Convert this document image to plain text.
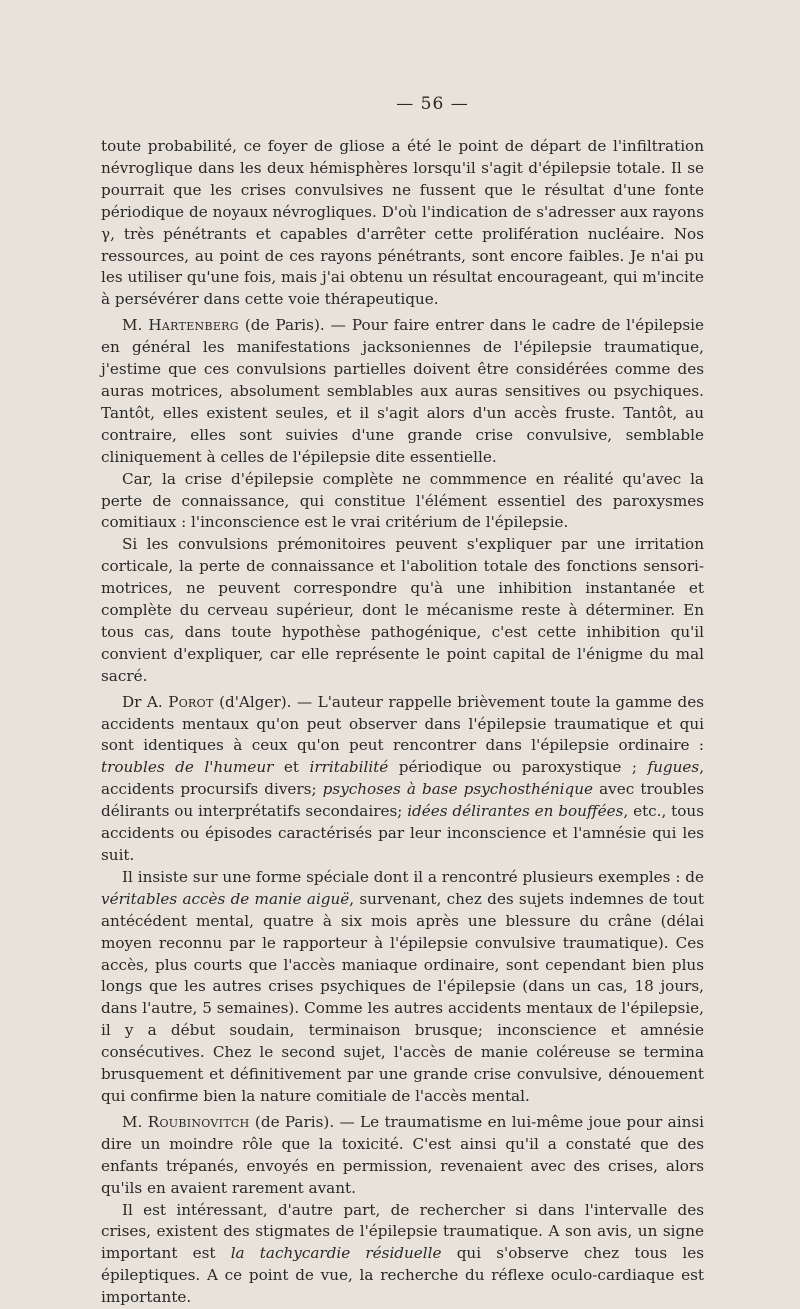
— 56 —

toute probabilité, ce foyer de gliose a été le point de départ de l'infiltration névroglique dans les deux hémisphères lorsqu'il s'agit d'épilepsie totale. Il se pourrait que les crises convulsives ne fussent que le résultat d'une fonte périodique de noyaux névrogliques. D'où l'indication de s'adresser aux rayons γ, très pénétrants et capables d'arrêter cette prolifération nucléaire. Nos ressources, au point de ces rayons pénétrants, sont encore faibles. Je n'ai pu les utiliser qu'une fois, mais j'ai obtenu un résultat encourageant, qui m'incite à persévérer dans cette voie thérapeutique.

M. Hartenberg (de Paris). — Pour faire entrer dans le cadre de l'épilepsie en général les manifestations jacksoniennes de l'épilepsie traumatique, j'estime que ces convulsions partielles doivent être considérées comme des auras motrices, absolument semblables aux auras sensitives ou psychiques. Tantôt, elles existent seules, et il s'agit alors d'un accès fruste. Tantôt, au contraire, elles sont suivies d'une grande crise convulsive, semblable cliniquement à celles de l'épilepsie dite essentielle.

Car, la crise d'épilepsie complète ne commmence en réalité qu'avec la perte de connaissance, qui constitue l'élément essentiel des paroxysmes comitiaux : l'inconscience est le vrai critérium de l'épilepsie.

Si les convulsions prémonitoires peuvent s'expliquer par une irritation corticale, la perte de connaissance et l'abolition totale des fonctions sensori-motrices, ne peuvent correspondre qu'à une inhibition instantanée et complète du cerveau supérieur, dont le mécanisme reste à déterminer. En tous cas, dans toute hypothèse pathogénique, c'est cette inhibition qu'il convient d'expliquer, car elle représente le point capital de l'énigme du mal sacré.

Dr A. Porot (d'Alger). — L'auteur rappelle brièvement toute la gamme des accidents mentaux qu'on peut observer dans l'épilepsie traumatique et qui sont identiques à ceux qu'on peut rencontrer dans l'épilepsie ordinaire : troubles de l'humeur et irritabilité périodique ou paroxystique ; fugues, accidents procursifs divers; psychoses à base psychosthénique avec troubles délirants ou interprétatifs secondaires; idées délirantes en bouffées, etc., tous accidents ou épisodes caractérisés par leur inconscience et l'amnésie qui les suit.

Il insiste sur une forme spéciale dont il a rencontré plusieurs exemples : de véritables accès de manie aiguë, survenant, chez des sujets indemnes de tout antécédent mental, quatre à six mois après une blessure du crâne (délai moyen reconnu par le rapporteur à l'épilepsie convulsive traumatique). Ces accès, plus courts que l'accès maniaque ordinaire, sont cependant bien plus longs que les autres crises psychiques de l'épilepsie (dans un cas, 18 jours, dans l'autre, 5 semaines). Comme les autres accidents mentaux de l'épilepsie, il y a début soudain, terminaison brusque; inconscience et amnésie consécutives. Chez le second sujet, l'accès de manie coléreuse se termina brusquement et définitivement par une grande crise convulsive, dénouement qui confirme bien la nature comitiale de l'accès mental.

M. Roubinovitch (de Paris). — Le traumatisme en lui-même joue pour ainsi dire un moindre rôle que la toxicité. C'est ainsi qu'il a constaté que des enfants trépanés, envoyés en permission, revenaient avec des crises, alors qu'ils en avaient rarement avant.

Il est intéressant, d'autre part, de rechercher si dans l'intervalle des crises, existent des stigmates de l'épilepsie traumatique. A son avis, un signe important est la tachycardie résiduelle qui s'observe chez tous les épileptiques. A ce point de vue, la recherche du réflexe oculo-cardiaque est importante.
